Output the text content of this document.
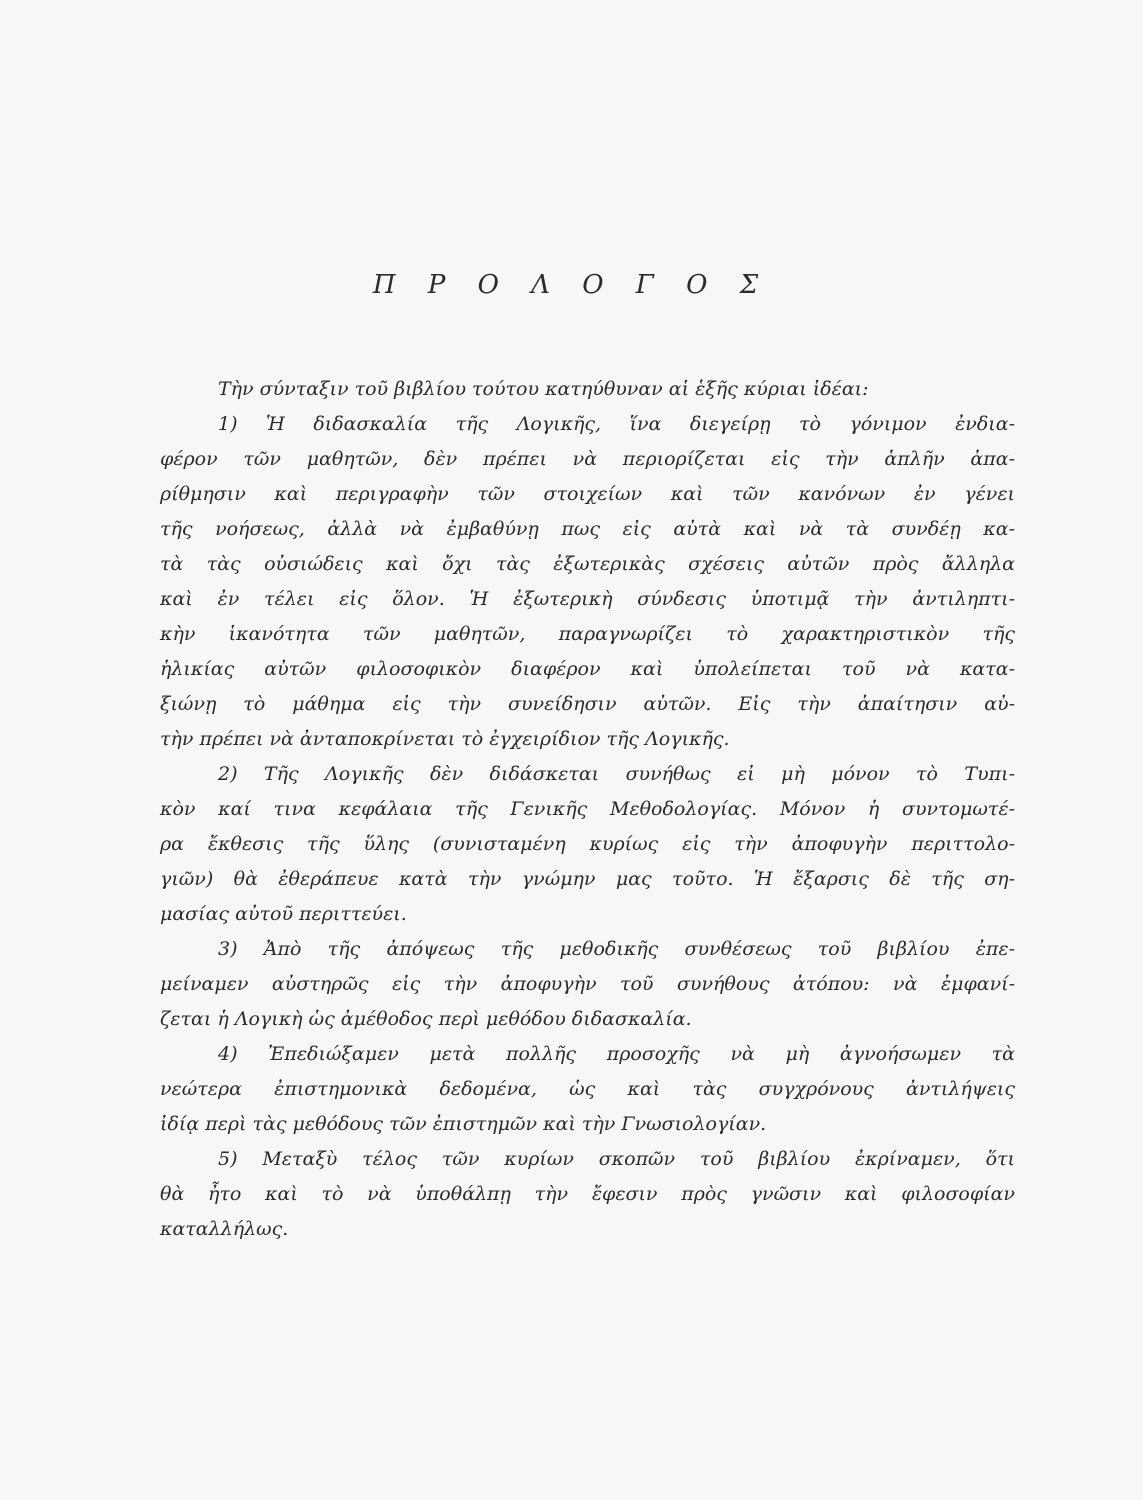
Π Ρ Ο Λ Ο Γ Ο Σ
Τὴν σύνταξιν τοῦ βιβλίου τούτου κατηύθυναν αἱ ἑξῆς κύριαι ἰδέαι:
1) Ἡ διδασκαλία τῆς Λογικῆς, ἵνα διεγείρῃ τὸ γόνιμον ἐνδια-
φέρον τῶν μαθητῶν, δὲν πρέπει νὰ περιορίζεται εἰς τὴν ἁπλῆν ἀπα-
ρίθμησιν καὶ περιγραφὴν τῶν στοιχείων καὶ τῶν κανόνων ἐν γένει
τῆς νοήσεως, ἀλλὰ νὰ ἐμβαθύνῃ πως εἰς αὐτὰ καὶ νὰ τὰ συνδέῃ κα-
τὰ τὰς οὐσιώδεις καὶ ὄχι τὰς ἐξωτερικὰς σχέσεις αὐτῶν πρὸς ἄλληλα
καὶ ἐν τέλει εἰς ὅλον. Ἡ ἐξωτερικὴ σύνδεσις ὑποτιμᾷ τὴν ἀντιληπτι-
κὴν ἱκανότητα τῶν μαθητῶν, παραγνωρίζει τὸ χαρακτηριστικὸν τῆς
ἡλικίας αὐτῶν φιλοσοφικὸν διαφέρον καὶ ὑπολείπεται τοῦ νὰ κατα-
ξιώνῃ τὸ μάθημα εἰς τὴν συνείδησιν αὐτῶν. Εἰς τὴν ἀπαίτησιν αὐ-
τὴν πρέπει νὰ ἀνταποκρίνεται τὸ ἐγχειρίδιον τῆς Λογικῆς.
2) Τῆς Λογικῆς δὲν διδάσκεται συνήθως εἰ μὴ μόνον τὸ Τυπι-
κὸν καί τινα κεφάλαια τῆς Γενικῆς Μεθοδολογίας. Μόνον ἡ συντομωτέ-
ρα ἔκθεσις τῆς ὕλης (συνισταμένη κυρίως εἰς τὴν ἀποφυγὴν περιττολο-
γιῶν) θὰ ἐθεράπευε κατὰ τὴν γνώμην μας τοῦτο. Ἡ ἔξαρσις δὲ τῆς ση-
μασίας αὐτοῦ περιττεύει.
3) Ἀπὸ τῆς ἀπόψεως τῆς μεθοδικῆς συνθέσεως τοῦ βιβλίου ἐπε-
μείναμεν αὐστηρῶς εἰς τὴν ἀποφυγὴν τοῦ συνήθους ἀτόπου: νὰ ἐμφανί-
ζεται ἡ Λογικὴ ὡς ἀμέθοδος περὶ μεθόδου διδασκαλία.
4) Ἐπεδιώξαμεν μετὰ πολλῆς προσοχῆς νὰ μὴ ἀγνοήσωμεν τὰ
νεώτερα ἐπιστημονικὰ δεδομένα, ὡς καὶ τὰς συγχρόνους ἀντιλήψεις
ἰδίᾳ περὶ τὰς μεθόδους τῶν ἐπιστημῶν καὶ τὴν Γνωσιολογίαν.
5) Μεταξὺ τέλος τῶν κυρίων σκοπῶν τοῦ βιβλίου ἐκρίναμεν, ὅτι
θὰ ἦτο καὶ τὸ νὰ ὑποθάλπῃ τὴν ἔφεσιν πρὸς γνῶσιν καὶ φιλοσοφίαν
καταλλήλως.
